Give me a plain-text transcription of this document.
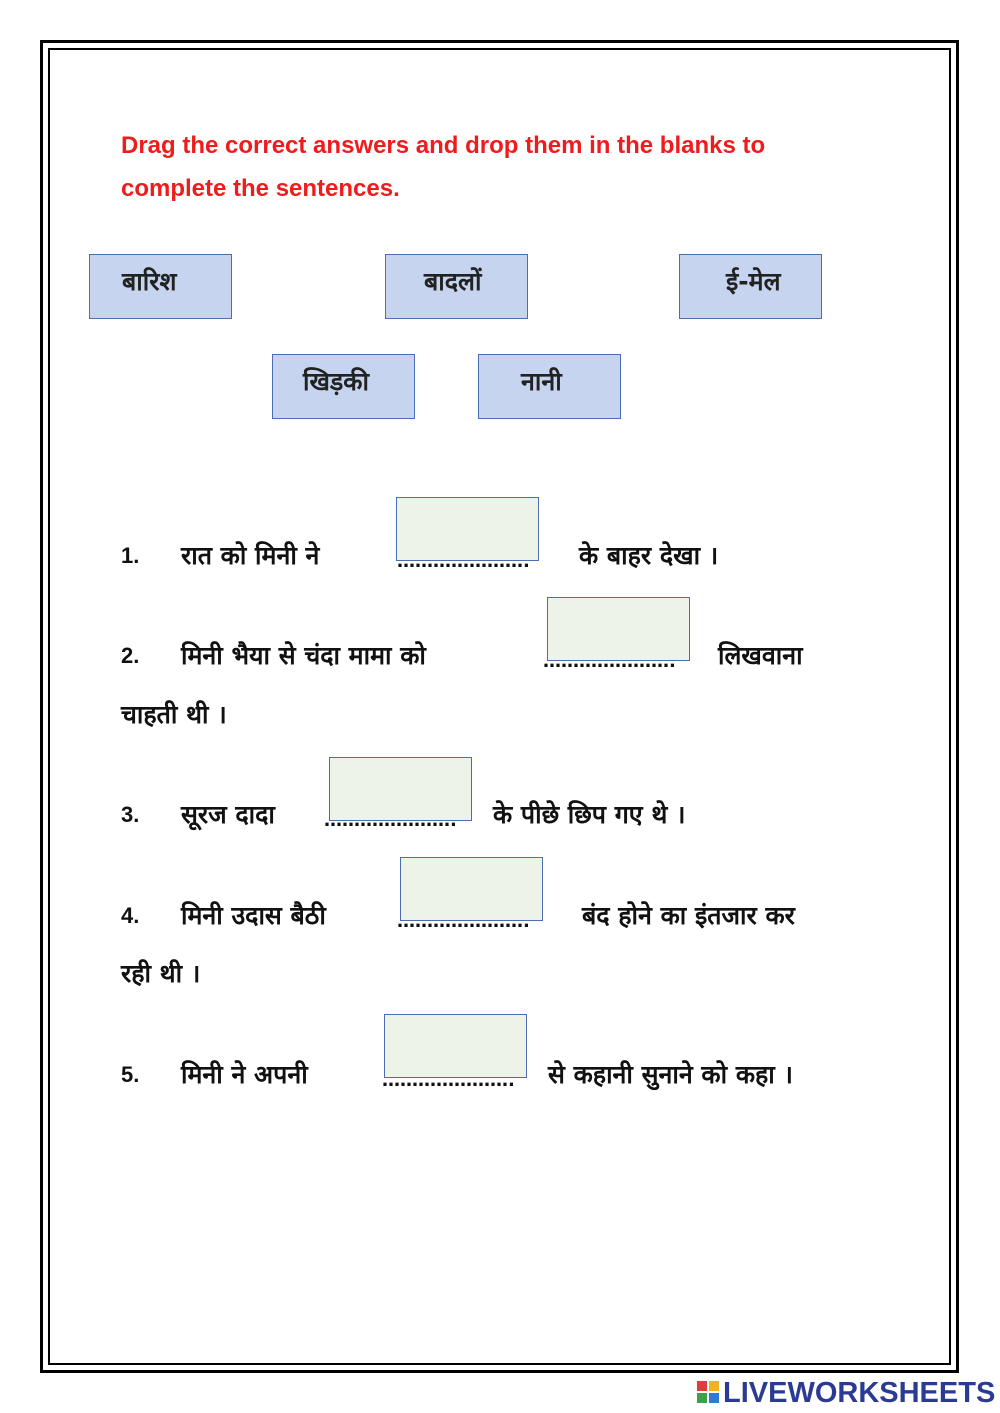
Drag the correct answers and drop them in the blanks to complete the sentences.
बारिश	बादलों	ई-मेल
खिड़की	नानी
1. रात को मिनी ने	…………………. के बाहर देखा ।
2. मिनी भैया से चंदा मामा को	…………………. लिखवाना
चाहती थी ।
3. सूरज दादा	…………………. के पीछे छिप गए थे ।
4. मिनी उदास बैठी	…………………. बंद होने का इंतजार कर
रही थी ।
5. मिनी ने अपनी	…………………. से कहानी सुनाने को कहा ।
LIVEWORKSHEETS
